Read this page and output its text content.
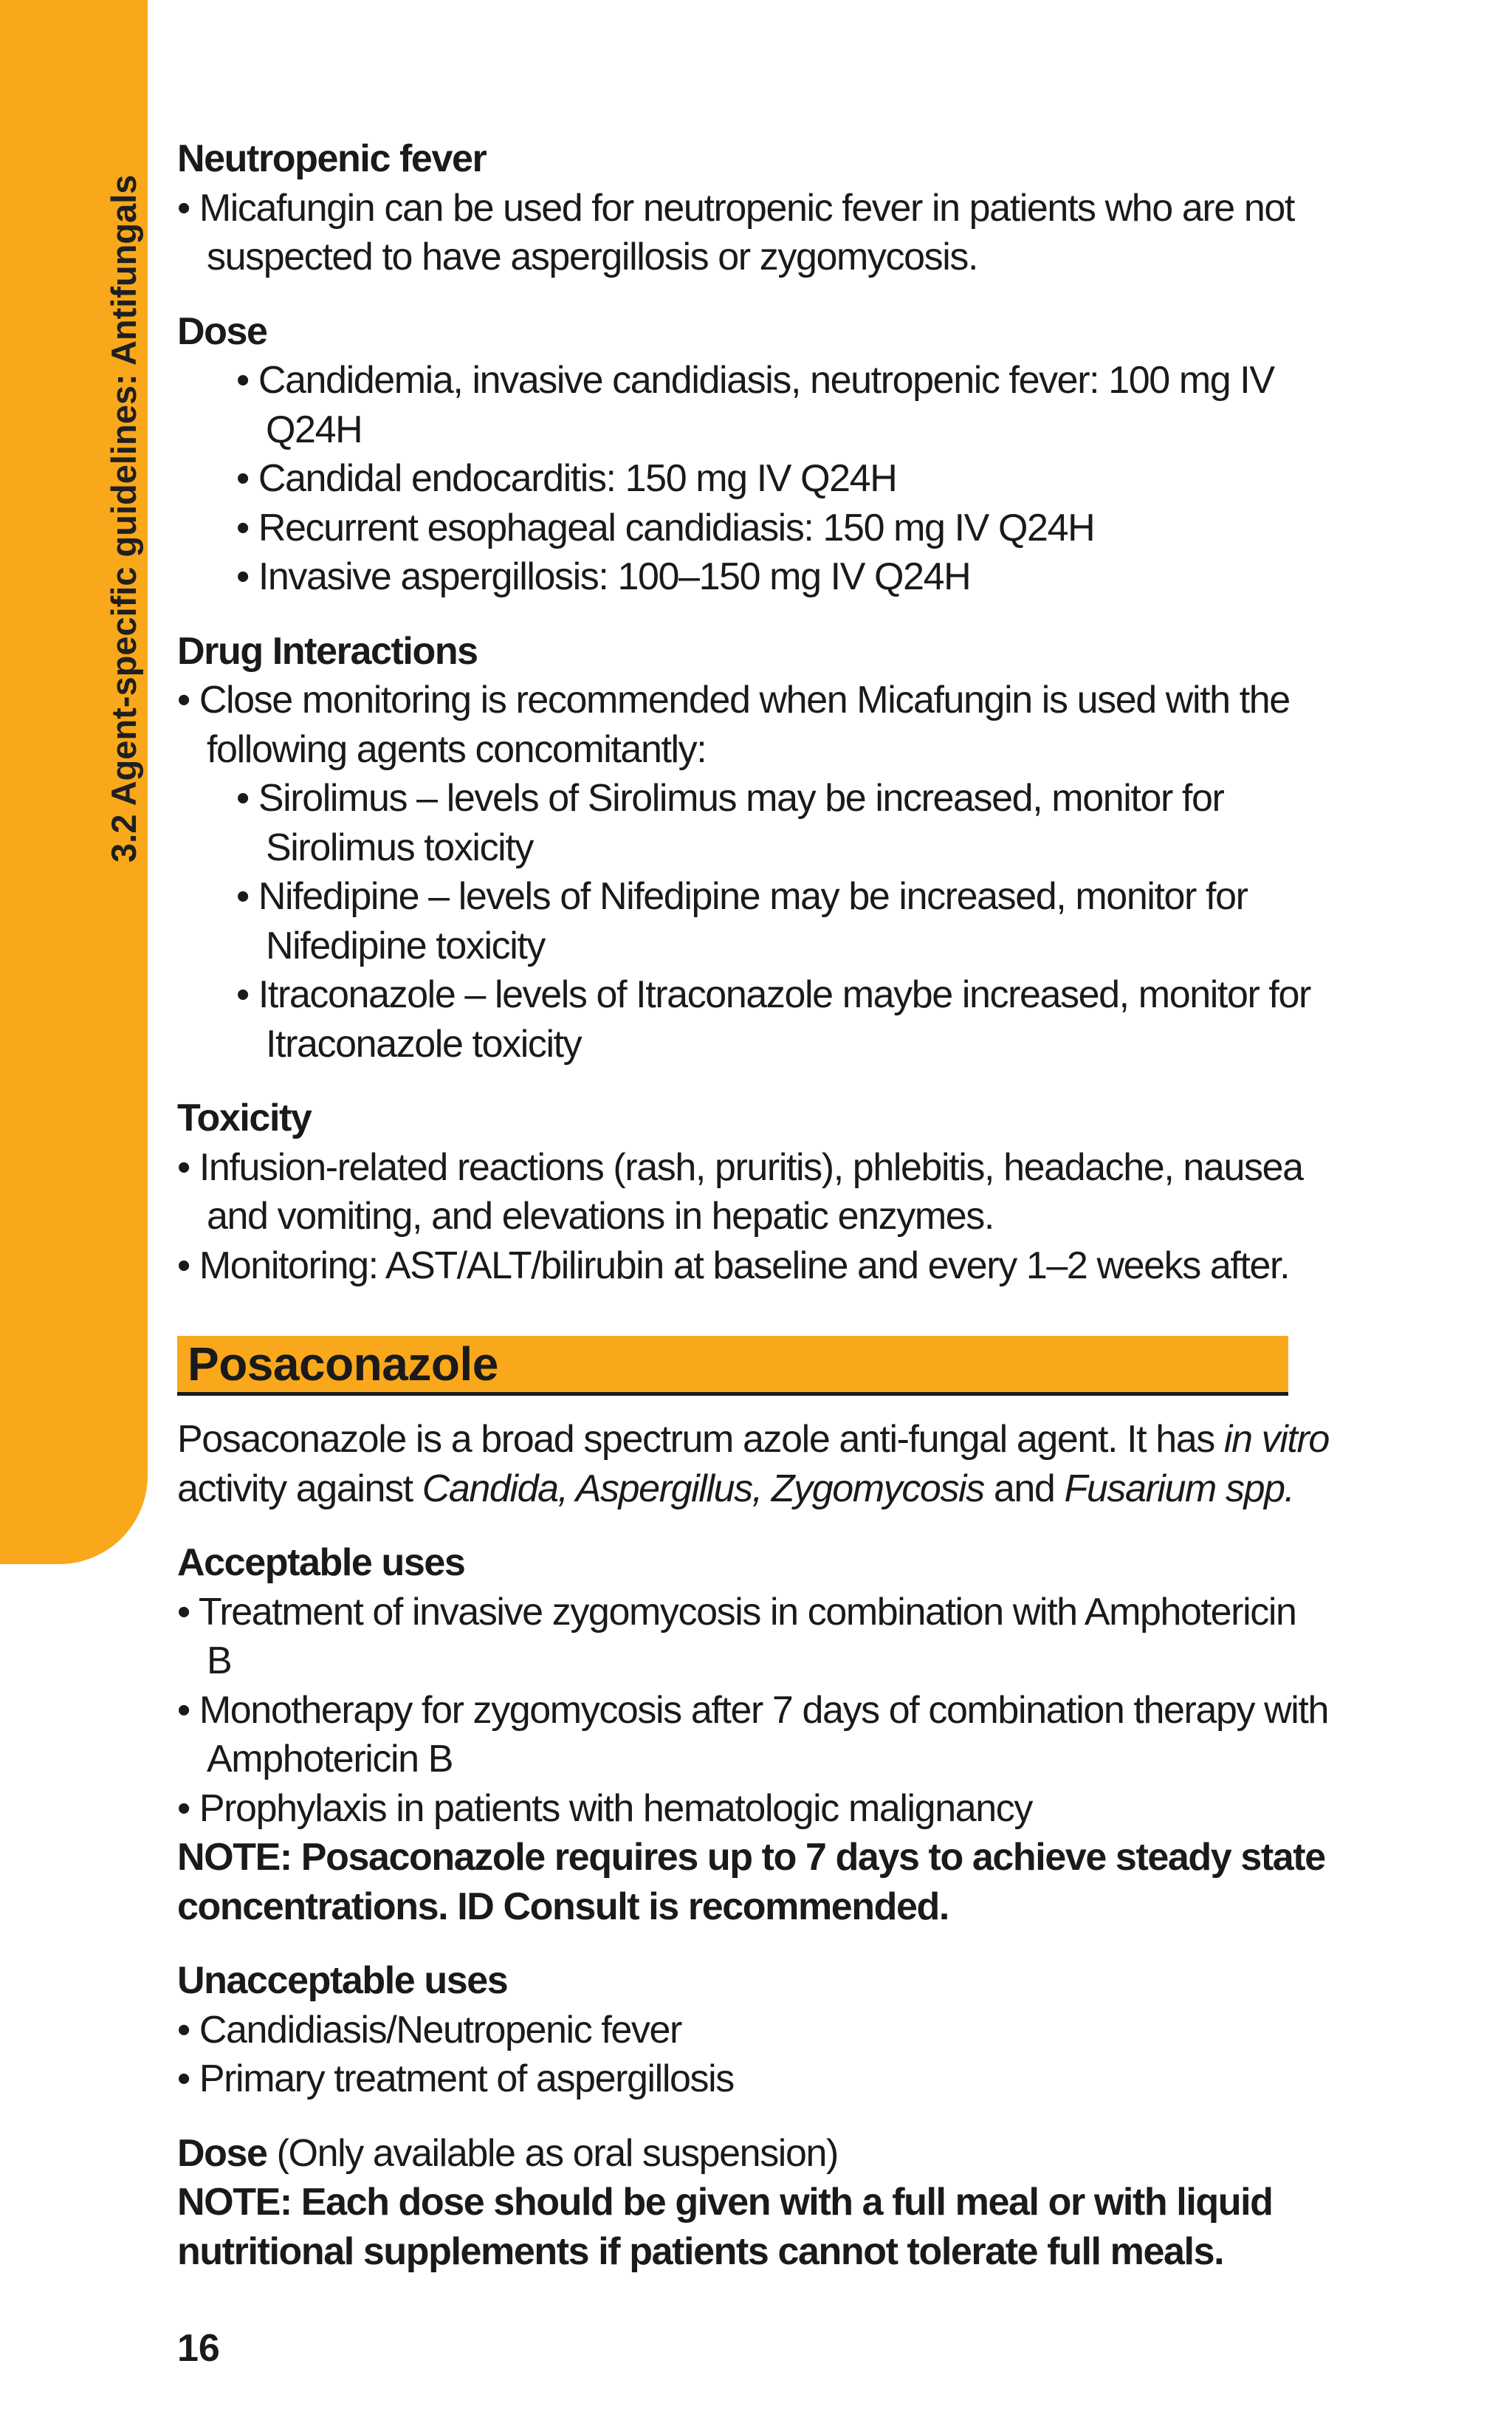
3.2 Agent-specific guidelines: Antifungals

Neutropenic fever

• Micafungin can be used for neutropenic fever in patients who are not suspected to have aspergillosis or zygomycosis.

Dose

• Candidemia, invasive candidiasis, neutropenic fever: 100 mg IV Q24H

• Candidal endocarditis: 150 mg IV Q24H

• Recurrent esophageal candidiasis: 150 mg IV Q24H

• Invasive aspergillosis: 100–150 mg IV Q24H

Drug Interactions

• Close monitoring is recommended when Micafungin is used with the following agents concomitantly:

• Sirolimus – levels of Sirolimus may be increased, monitor for Sirolimus toxicity

• Nifedipine – levels of Nifedipine may be increased, monitor for Nifedipine toxicity

• Itraconazole – levels of Itraconazole maybe increased, monitor for Itraconazole toxicity

Toxicity

• Infusion-related reactions (rash, pruritis), phlebitis, headache, nausea and vomiting, and elevations in hepatic enzymes.

• Monitoring: AST/ALT/bilirubin at baseline and every 1–2 weeks after.

Posaconazole

Posaconazole is a broad spectrum azole anti-fungal agent. It has in vitro activity against Candida, Aspergillus, Zygomycosis and Fusarium spp.

Acceptable uses

• Treatment of invasive zygomycosis in combination with Amphotericin B

• Monotherapy for zygomycosis after 7 days of combination therapy with Amphotericin B

• Prophylaxis in patients with hematologic malignancy

NOTE: Posaconazole requires up to 7 days to achieve steady state concentrations. ID Consult is recommended.

Unacceptable uses

• Candidiasis/Neutropenic fever

• Primary treatment of aspergillosis

Dose (Only available as oral suspension)

NOTE: Each dose should be given with a full meal or with liquid nutritional supplements if patients cannot tolerate full meals.

16
